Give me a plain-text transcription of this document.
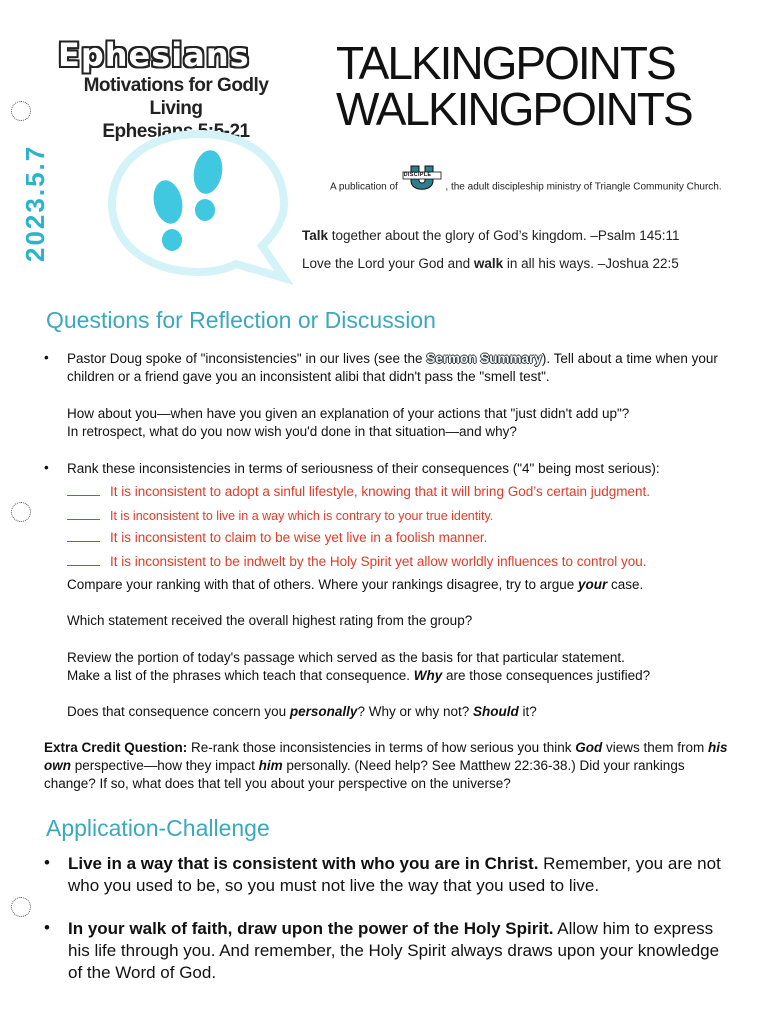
Ephesians
Motivations for Godly Living
Ephesians 5:5-21
2023.5.7
TALKINGPOINTS
WALKINGPOINTS
A publication of
DISCIPLE
, the adult discipleship ministry of Triangle Community Church.
Talk together about the glory of God’s kingdom. –Psalm 145:11
Love the Lord your God and walk in all his ways. –Joshua 22:5
Questions for Reflection or Discussion
• Pastor Doug spoke of "inconsistencies" in our lives (see the Sermon Summary). Tell about a time when your children or a friend gave you an inconsistent alibi that didn't pass the "smell test".
How about you—when have you given an explanation of your actions that "just didn't add up"?
In retrospect, what do you now wish you'd done in that situation—and why?
• Rank these inconsistencies in terms of seriousness of their consequences ("4" being most serious):
It is inconsistent to adopt a sinful lifestyle, knowing that it will bring God’s certain judgment.
It is inconsistent to live in a way which is contrary to your true identity.
It is inconsistent to claim to be wise yet live in a foolish manner.
It is inconsistent to be indwelt by the Holy Spirit yet allow worldly influences to control you.
Compare your ranking with that of others. Where your rankings disagree, try to argue your case.
Which statement received the overall highest rating from the group?
Review the portion of today's passage which served as the basis for that particular statement.
Make a list of the phrases which teach that consequence. Why are those consequences justified?
Does that consequence concern you personally? Why or why not? Should it?
Extra Credit Question: Re-rank those inconsistencies in terms of how serious you think God views them from his own perspective—how they impact him personally. (Need help? See Matthew 22:36-38.) Did your rankings change? If so, what does that tell you about your perspective on the universe?
Application-Challenge
• Live in a way that is consistent with who you are in Christ. Remember, you are not who you used to be, so you must not live the way that you used to live.
• In your walk of faith, draw upon the power of the Holy Spirit. Allow him to express his life through you. And remember, the Holy Spirit always draws upon your knowledge of the Word of God.
